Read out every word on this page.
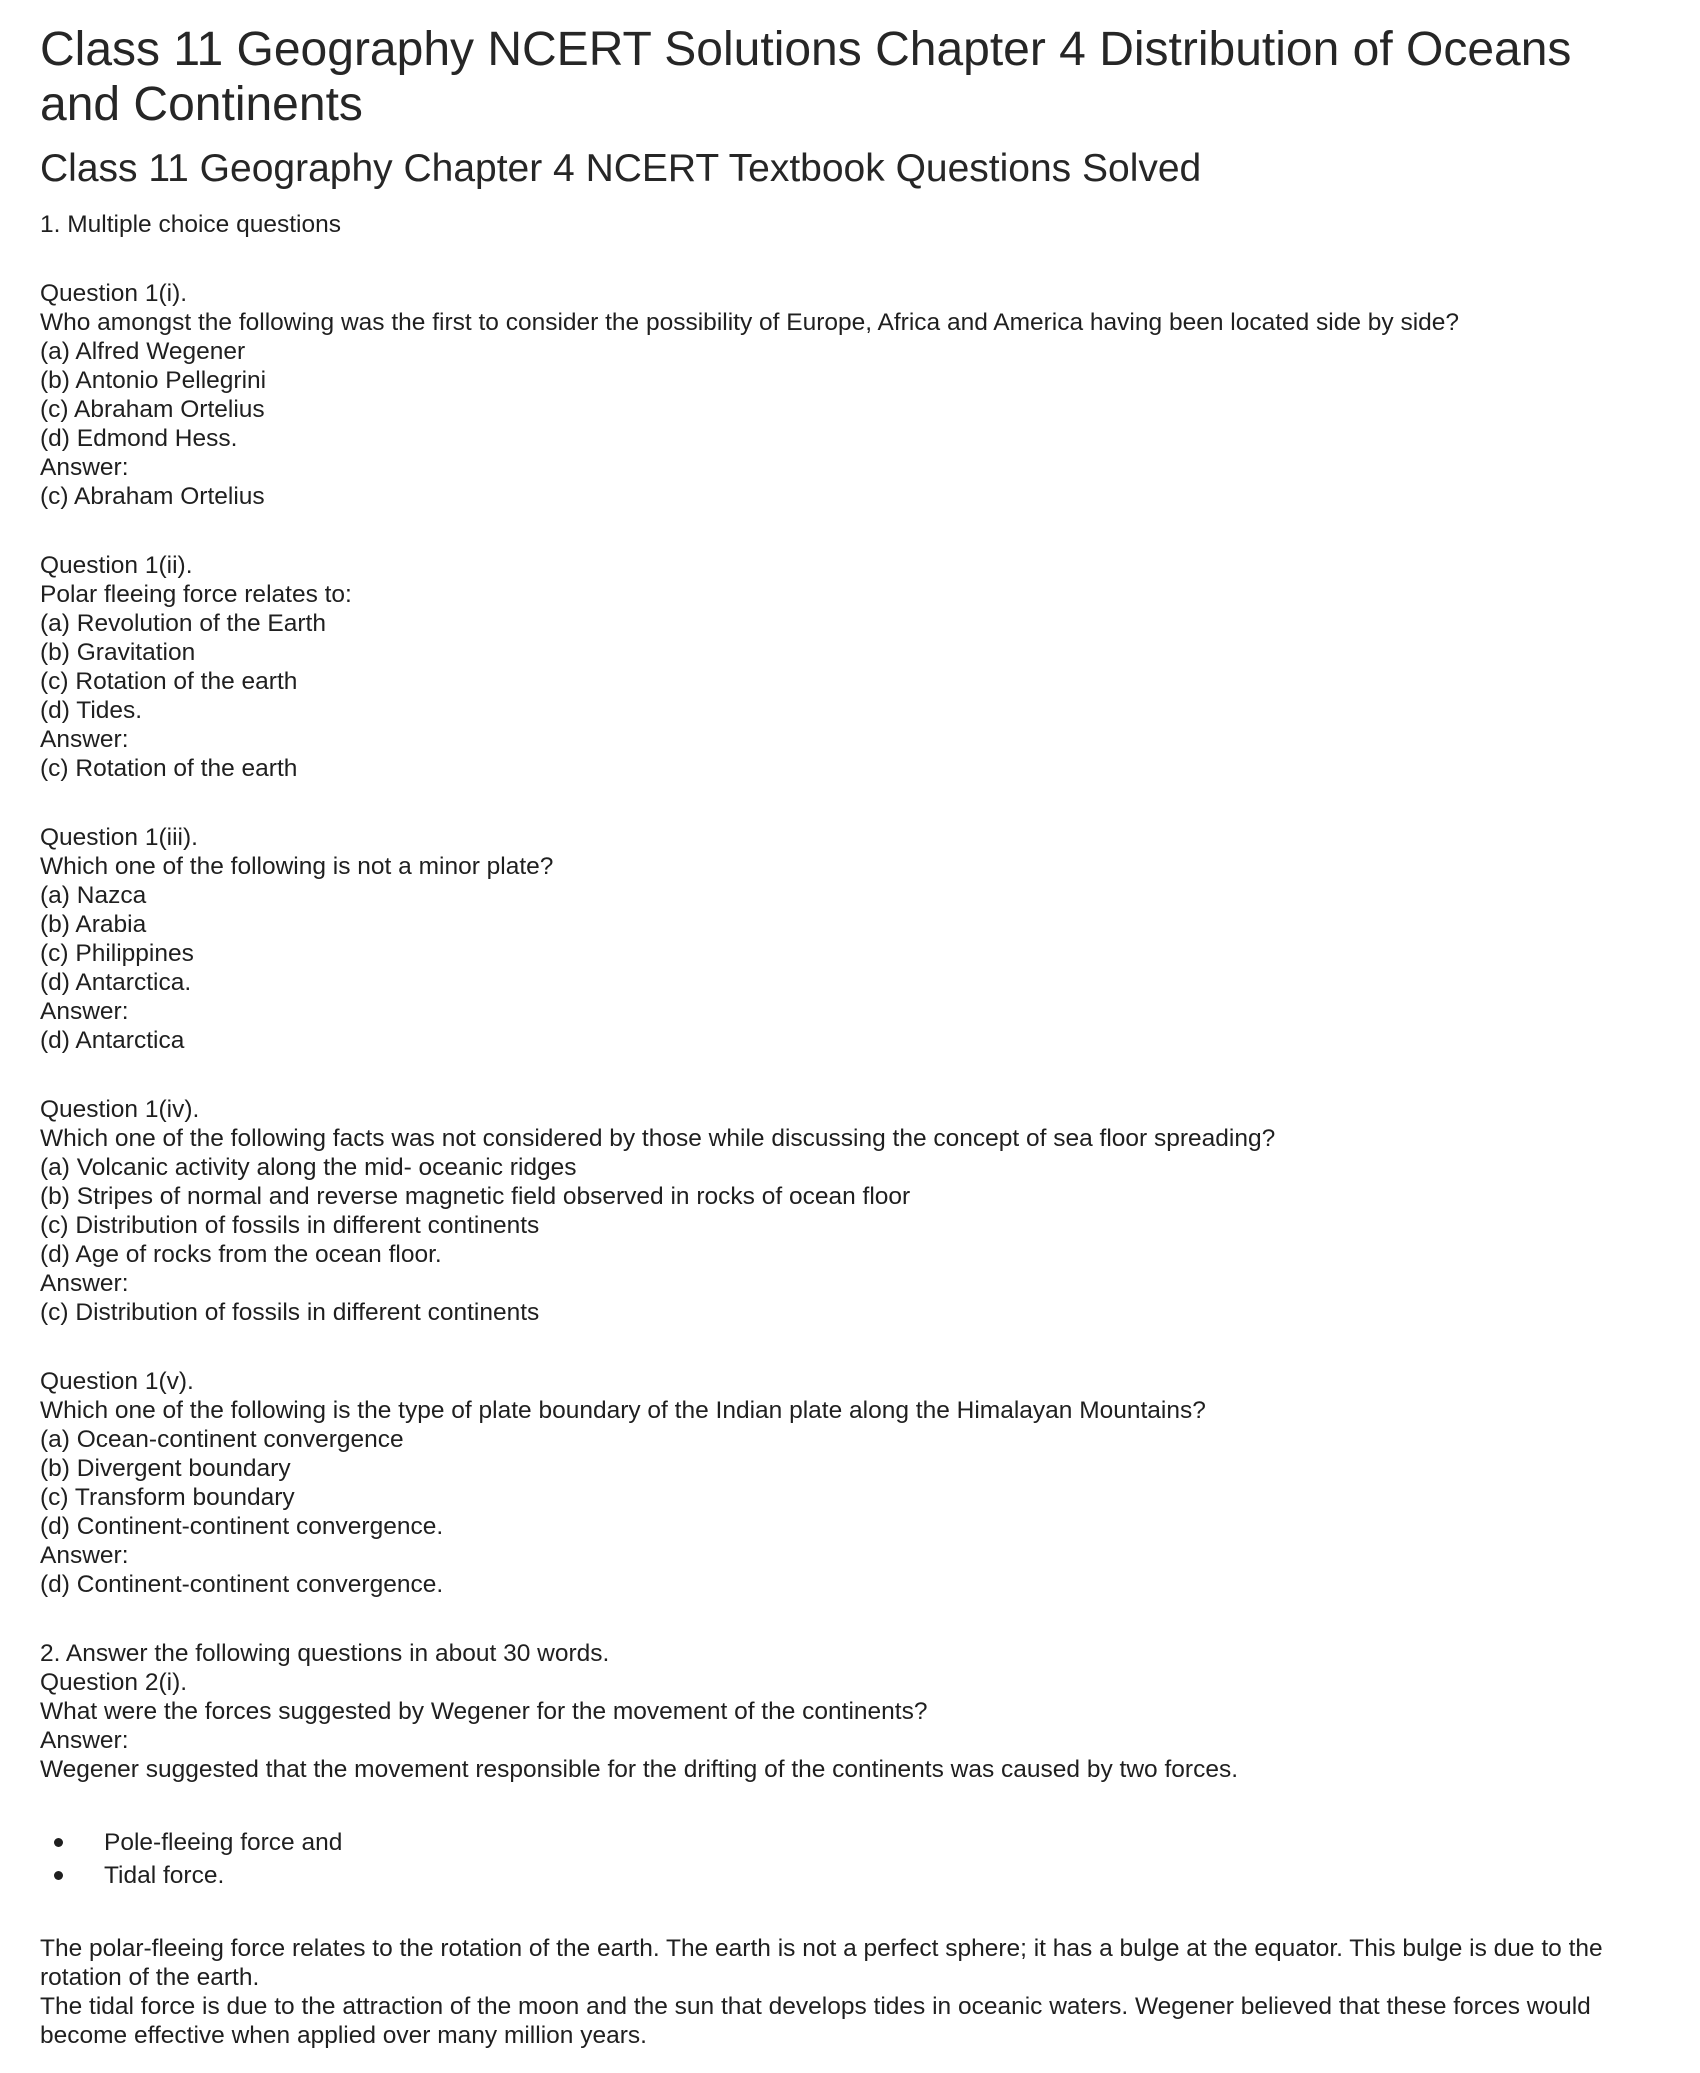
Class 11 Geography NCERT Solutions Chapter 4 Distribution of Oceans and Continents
Class 11 Geography Chapter 4 NCERT Textbook Questions Solved

1. Multiple choice questions

Question 1(i).

Who amongst the following was the first to consider the possibility of Europe, Africa and America having been located side by side?

(a) Alfred Wegener

(b) Antonio Pellegrini

(c) Abraham Ortelius

(d) Edmond Hess.

Answer:

(c) Abraham Ortelius

Question 1(ii).

Polar fleeing force relates to:

(a) Revolution of the Earth

(b) Gravitation

(c) Rotation of the earth

(d) Tides.

Answer:

(c) Rotation of the earth

Question 1(iii).

Which one of the following is not a minor plate?

(a) Nazca

(b) Arabia

(c) Philippines

(d) Antarctica.

Answer:

(d) Antarctica

Question 1(iv).

Which one of the following facts was not considered by those while discussing the concept of sea floor spreading?

(a) Volcanic activity along the mid- oceanic ridges

(b) Stripes of normal and reverse magnetic field observed in rocks of ocean floor

(c) Distribution of fossils in different continents

(d) Age of rocks from the ocean floor.

Answer:

(c) Distribution of fossils in different continents

Question 1(v).

Which one of the following is the type of plate boundary of the Indian plate along the Himalayan Mountains?

(a) Ocean-continent convergence

(b) Divergent boundary

(c) Transform boundary

(d) Continent-continent convergence.

Answer:

(d) Continent-continent convergence.

2. Answer the following questions in about 30 words.

Question 2(i).

What were the forces suggested by Wegener for the movement of the continents?

Answer:

Wegener suggested that the movement responsible for the drifting of the continents was caused by two forces.

Pole-fleeing force and
Tidal force.

The polar-fleeing force relates to the rotation of the earth. The earth is not a perfect sphere; it has a bulge at the equator. This bulge is due to the rotation of the earth.

The tidal force is due to the attraction of the moon and the sun that develops tides in oceanic waters. Wegener believed that these forces would become effective when applied over many million years.
